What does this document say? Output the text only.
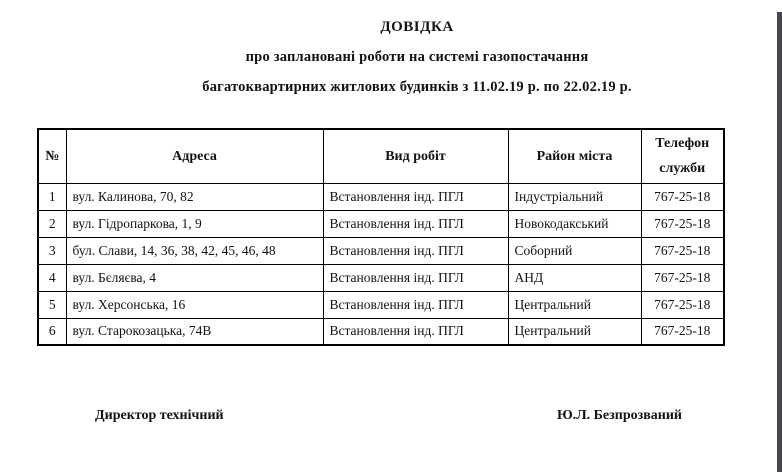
ДОВІДКА
про заплановані роботи на системі газопостачання
багатоквартирних житлових будинків з 11.02.19 р. по 22.02.19 р.
№	Адреса	Вид робіт	Район міста	Телефон служби
1	вул. Калинова, 70, 82	Встановлення інд. ПГЛ	Індустріальний	767-25-18
2	вул. Гідропаркова, 1, 9	Встановлення інд. ПГЛ	Новокодакський	767-25-18
3	бул. Слави, 14, 36, 38, 42, 45, 46, 48	Встановлення інд. ПГЛ	Соборний	767-25-18
4	вул. Бєляєва, 4	Встановлення інд. ПГЛ	АНД	767-25-18
5	вул. Херсонська, 16	Встановлення інд. ПГЛ	Центральний	767-25-18
6	вул. Старокозацька, 74В	Встановлення інд. ПГЛ	Центральний	767-25-18
Директор технічний	Ю.Л. Безпрозваний
